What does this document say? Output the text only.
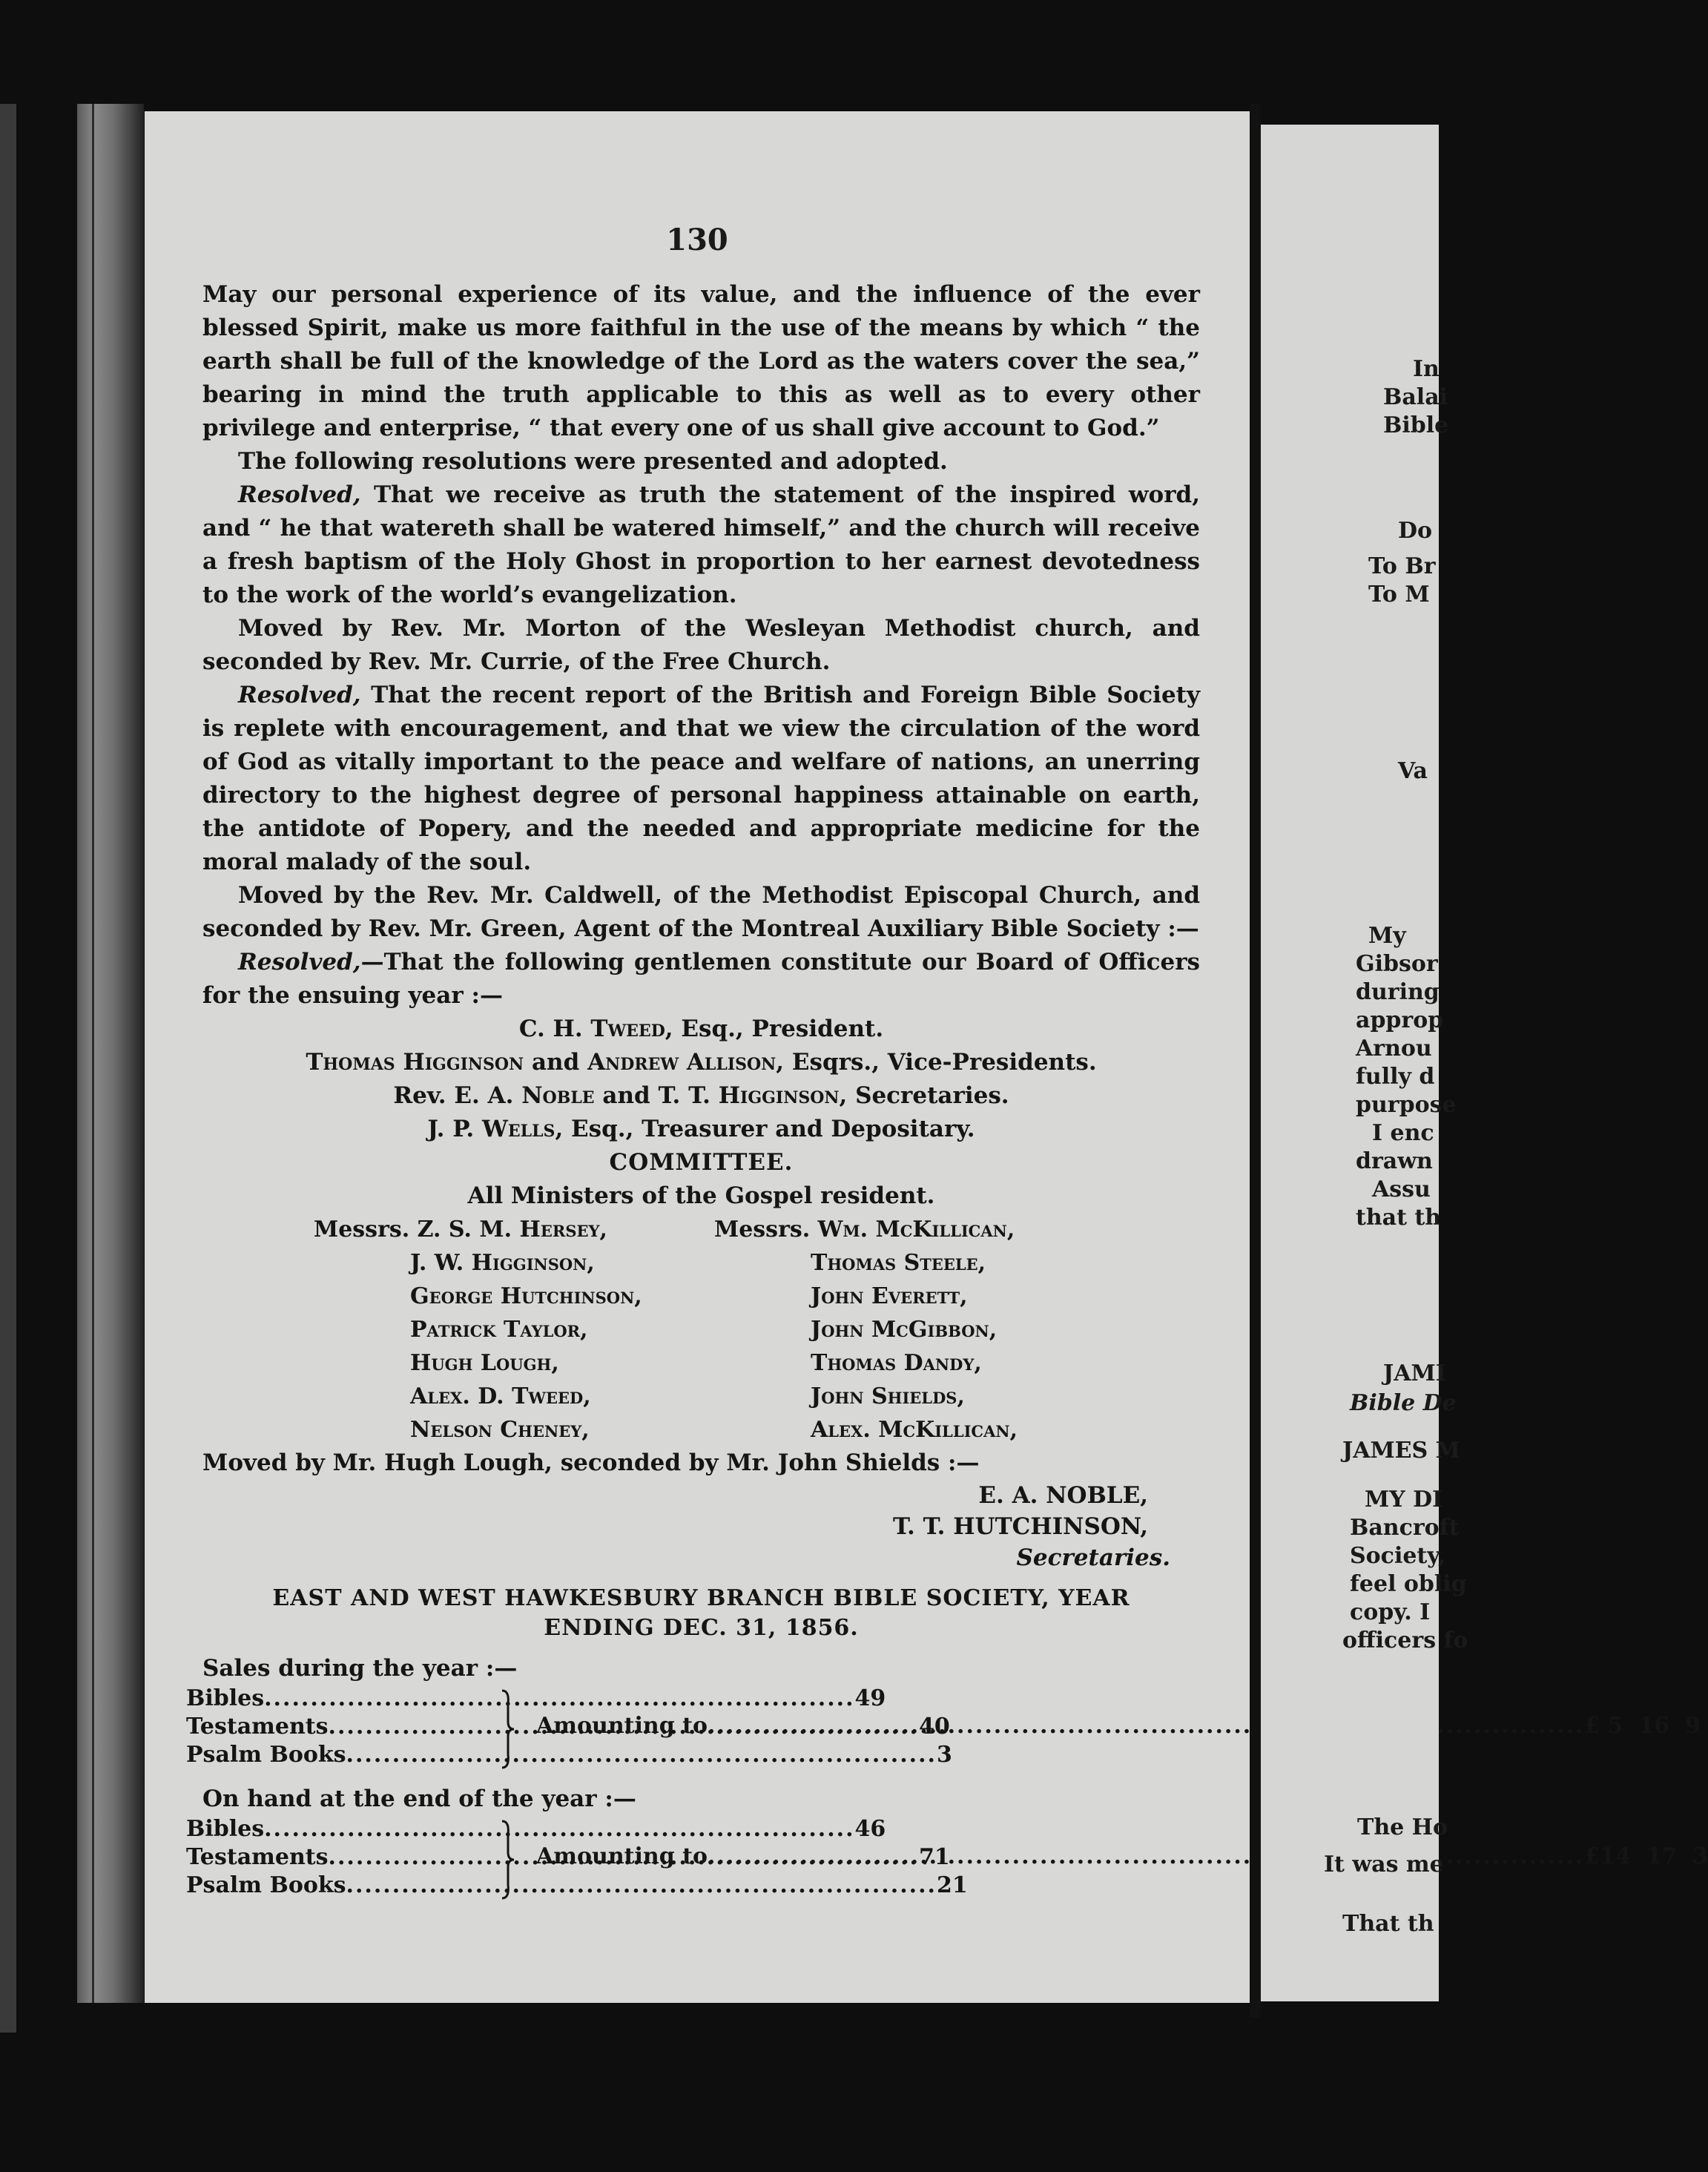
130

May our personal experience of its value, and the influence of the ever blessed Spirit, make us more faithful in the use of the means by which “ the earth shall be full of the knowledge of the Lord as the waters cover the sea,” bearing in mind the truth applicable to this as well as to every other privilege and enterprise, “ that every one of us shall give account to God.”

The following resolutions were presented and adopted.

Resolved, That we receive as truth the statement of the inspired word, and “ he that watereth shall be watered himself,” and the church will receive a fresh baptism of the Holy Ghost in proportion to her earnest devotedness to the work of the world’s evangelization.

Moved by Rev. Mr. Morton of the Wesleyan Methodist church, and seconded by Rev. Mr. Currie, of the Free Church.

Resolved, That the recent report of the British and Foreign Bible Society is replete with encouragement, and that we view the circulation of the word of God as vitally important to the peace and welfare of nations, an unerring directory to the highest degree of personal happiness attainable on earth, the antidote of Popery, and the needed and appropriate medicine for the moral malady of the soul.

Moved by the Rev. Mr. Caldwell, of the Methodist Episcopal Church, and seconded by Rev. Mr. Green, Agent of the Montreal Auxiliary Bible Society :—

Resolved,—That the following gentlemen constitute our Board of Officers for the ensuing year :—

C. H. Tweed, Esq., President.

Thomas Higginson and Andrew Allison, Esqrs., Vice-Presidents.

Rev. E. A. Noble and T. T. Higginson, Secretaries.

J. P. Wells, Esq., Treasurer and Depositary.

COMMITTEE.

All Ministers of the Gospel resident.

Messrs. Z. S. M. Hersey,
J. W. Higginson,
George Hutchinson,
Patrick Taylor,
Hugh Lough,
Alex. D. Tweed,
Nelson Cheney,
Messrs. Wm. McKillican,
Thomas Steele,
John Everett,
John McGibbon,
Thomas Dandy,
John Shields,
Alex. McKillican,

Moved by Mr. Hugh Lough, seconded by Mr. John Shields :—

E. A. NOBLE,

T. T. HUTCHINSON,

Secretaries.

EAST AND WEST HAWKESBURY BRANCH BIBLE SOCIETY, YEAR
ENDING DEC. 31, 1856.

Sales during the year :—

Bibles .....	49
Testaments .....	40
Psalm Books .....	3
Amounting to .....	£ 5  16  9

On hand at the end of the year :—

Bibles .....	46
Testaments .....	71
Psalm Books .....	21
Amounting to .....	£14  17  3
In
Balai
Bible
Do
To Br
To M
Va
My
Gibsor
during
approp
Arnou
fully d
purpose
I enc
drawn
Assu
that th
JAMI
Bible De
JAMES M
MY DI
Bancroft
Society,
feel oblig
copy. I
officers fo
The Ho
It was me
That th
